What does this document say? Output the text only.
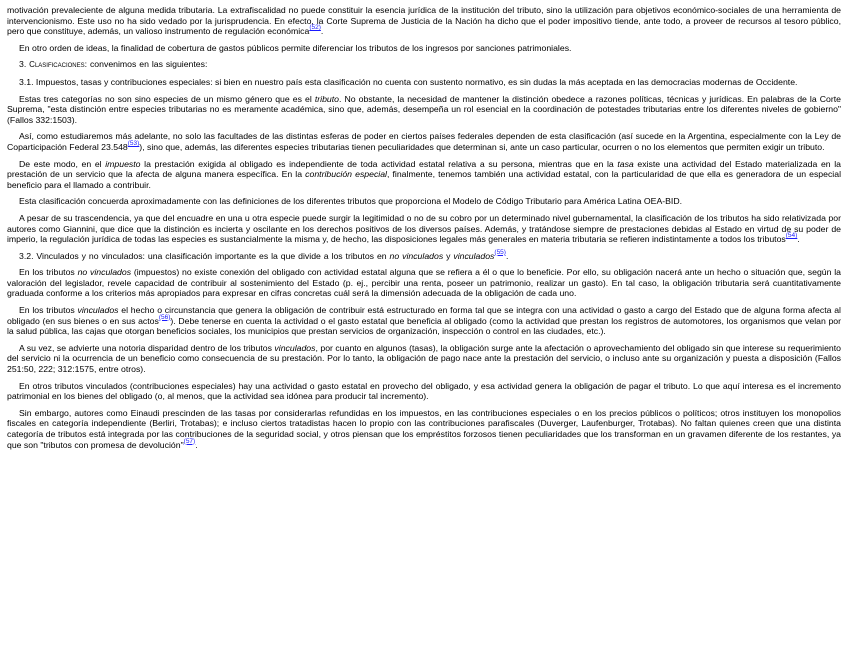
motivación prevaleciente de alguna medida tributaria. La extrafiscalidad no puede constituir la esencia jurídica de la institución del tributo, sino la utilización para objetivos económico-sociales de una herramienta de intervencionismo. Este uso no ha sido vedado por la jurisprudencia. En efecto, la Corte Suprema de Justicia de la Nación ha dicho que el poder impositivo tiende, ante todo, a proveer de recursos al tesoro público, pero que constituye, además, un valioso instrumento de regulación económica$^{(52)}$.

En otro orden de ideas, la finalidad de cobertura de gastos públicos permite diferenciar los tributos de los ingresos por sanciones patrimoniales.

3. Clasificaciones: convenimos en las siguientes:

3.1. Impuestos, tasas y contribuciones especiales: si bien en nuestro país esta clasificación no cuenta con sustento normativo, es sin dudas la más aceptada en las democracias modernas de Occidente.

Estas tres categorías no son sino especies de un mismo género que es el tributo. No obstante, la necesidad de mantener la distinción obedece a razones políticas, técnicas y jurídicas. En palabras de la Corte Suprema, "esta distinción entre especies tributarias no es meramente académica, sino que, además, desempeña un rol esencial en la coordinación de potestades tributarias entre los diferentes niveles de gobierno" (Fallos 332:1503).

Así, como estudiaremos más adelante, no solo las facultades de las distintas esferas de poder en ciertos países federales dependen de esta clasificación (así sucede en la Argentina, especialmente con la Ley de Coparticipación Federal 23.548$^{(53)}$), sino que, además, las diferentes especies tributarias tienen peculiaridades que determinan si, ante un caso particular, ocurren o no los elementos que permiten exigir un tributo.

De este modo, en el impuesto la prestación exigida al obligado es independiente de toda actividad estatal relativa a su persona, mientras que en la tasa existe una actividad del Estado materializada en la prestación de un servicio que la afecta de alguna manera específica. En la contribución especial, finalmente, tenemos también una actividad estatal, con la particularidad de que ella es generadora de un especial beneficio para el llamado a contribuir.

Esta clasificación concuerda aproximadamente con las definiciones de los diferentes tributos que proporciona el Modelo de Código Tributario para América Latina OEA-BID.

A pesar de su trascendencia, ya que del encuadre en una u otra especie puede surgir la legitimidad o no de su cobro por un determinado nivel gubernamental, la clasificación de los tributos ha sido relativizada por autores como Giannini, que dice que la distinción es incierta y oscilante en los derechos positivos de los diversos países. Además, y tratándose siempre de prestaciones debidas al Estado en virtud de su poder de imperio, la regulación jurídica de todas las especies es sustancialmente la misma y, de hecho, las disposiciones legales más generales en materia tributaria se refieren indistintamente a todos los tributos$^{(54)}$.

3.2. Vinculados y no vinculados: una clasificación importante es la que divide a los tributos en no vinculados y vinculados$^{(55)}$.

En los tributos no vinculados (impuestos) no existe conexión del obligado con actividad estatal alguna que se refiera a él o que lo beneficie. Por ello, su obligación nacerá ante un hecho o situación que, según la valoración del legislador, revele capacidad de contribuir al sostenimiento del Estado (p. ej., percibir una renta, poseer un patrimonio, realizar un gasto). En tal caso, la obligación tributaria será cuantitativamente graduada conforme a los criterios más apropiados para expresar en cifras concretas cuál será la dimensión adecuada de la obligación de cada uno.

En los tributos vinculados el hecho o circunstancia que genera la obligación de contribuir está estructurado en forma tal que se integra con una actividad o gasto a cargo del Estado que de alguna forma afecta al obligado (en sus bienes o en sus actos$^{(56)}$). Debe tenerse en cuenta la actividad o el gasto estatal que beneficia al obligado (como la actividad que prestan los registros de automotores, los organismos que velan por la salud pública, las cajas que otorgan beneficios sociales, los municipios que prestan servicios de organización, inspección o control en las ciudades, etc.).

A su vez, se advierte una notoria disparidad dentro de los tributos vinculados, por cuanto en algunos (tasas), la obligación surge ante la afectación o aprovechamiento del obligado sin que interese su requerimiento del servicio ni la ocurrencia de un beneficio como consecuencia de su prestación. Por lo tanto, la obligación de pago nace ante la prestación del servicio, o incluso ante su organización y puesta a disposición (Fallos 251:50, 222; 312:1575, entre otros).

En otros tributos vinculados (contribuciones especiales) hay una actividad o gasto estatal en provecho del obligado, y esa actividad genera la obligación de pagar el tributo. Lo que aquí interesa es el incremento patrimonial en los bienes del obligado (o, al menos, que la actividad sea idónea para producir tal incremento).

Sin embargo, autores como Einaudi prescinden de las tasas por considerarlas refundidas en los impuestos, en las contribuciones especiales o en los precios públicos o políticos; otros instituyen los monopolios fiscales en categoría independiente (Berliri, Trotabas); e incluso ciertos tratadistas hacen lo propio con las contribuciones parafiscales (Duverger, Laufenburger, Trotabas). No faltan quienes creen que una distinta categoría de tributos está integrada por las contribuciones de la seguridad social, y otros piensan que los empréstitos forzosos tienen peculiaridades que los transforman en un gravamen diferente de los restantes, ya que son "tributos con promesa de devolución"$^{(57)}$.
